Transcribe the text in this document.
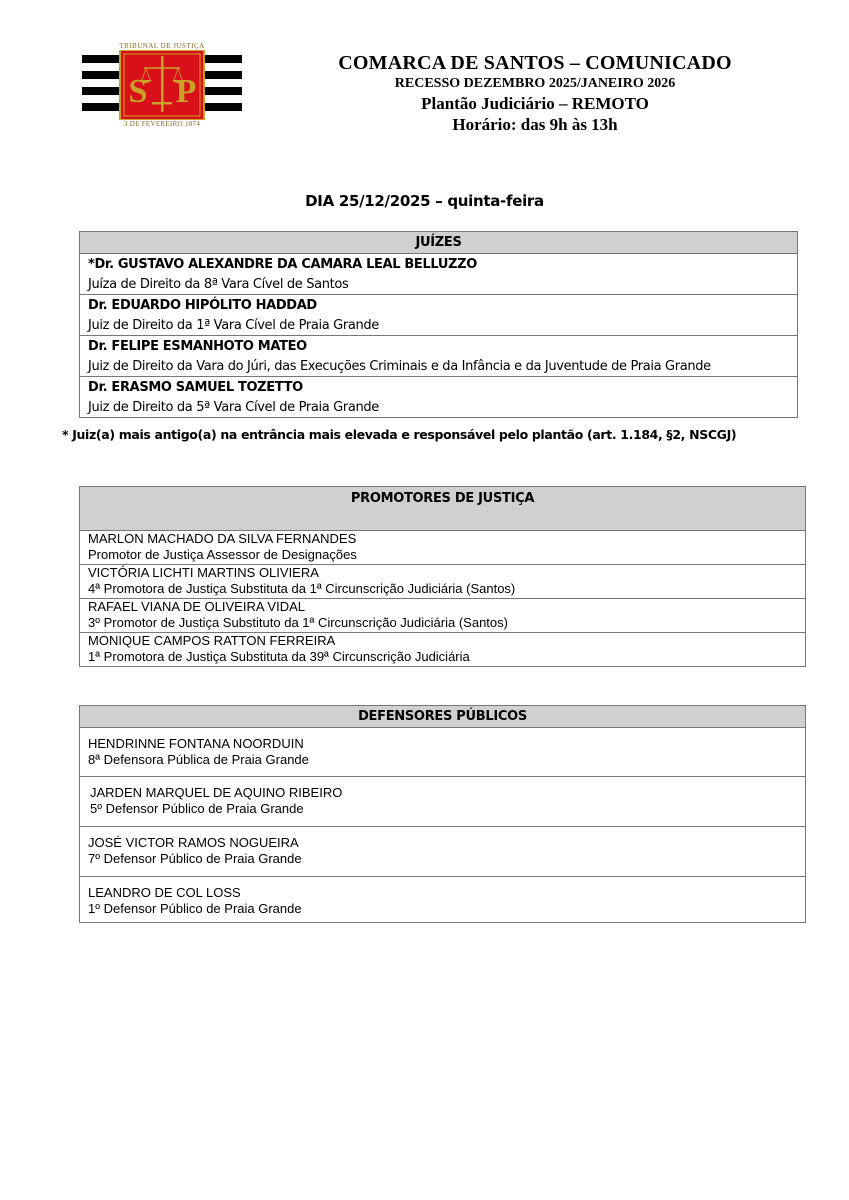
TRIBUNAL DE JUSTIÇA
S P
3 DE FEVEREIRO 1874
COMARCA DE SANTOS – COMUNICADO
RECESSO DEZEMBRO 2025/JANEIRO 2026
Plantão Judiciário – REMOTO
Horário: das 9h às 13h
DIA 25/12/2025 – quinta-feira
JUÍZES
*Dr. GUSTAVO ALEXANDRE DA CAMARA LEAL BELLUZZO
Juíza de Direito da 8ª Vara Cível de Santos
Dr. EDUARDO HIPÓLITO HADDAD
Juiz de Direito da 1ª Vara Cível de Praia Grande
Dr. FELIPE ESMANHOTO MATEO
Juiz de Direito da Vara do Júri, das Execuções Criminais e da Infância e da Juventude de Praia Grande
Dr. ERASMO SAMUEL TOZETTO
Juiz de Direito da 5ª Vara Cível de Praia Grande
* Juiz(a) mais antigo(a) na entrância mais elevada e responsável pelo plantão (art. 1.184, §2, NSCGJ)
PROMOTORES DE JUSTIÇA
MARLON MACHADO DA SILVA FERNANDES
Promotor de Justiça Assessor de Designações
VICTÓRIA LICHTI MARTINS OLIVIERA
4ª Promotora de Justiça Substituta da 1ª Circunscrição Judiciária (Santos)
RAFAEL VIANA DE OLIVEIRA VIDAL
3º Promotor de Justiça Substituto da 1ª Circunscrição Judiciária (Santos)
MONIQUE CAMPOS RATTON FERREIRA
1ª Promotora de Justiça Substituta da 39ª Circunscrição Judiciária
DEFENSORES PÚBLICOS
HENDRINNE FONTANA NOORDUIN
8ª Defensora Pública de Praia Grande
JARDEN MARQUEL DE AQUINO RIBEIRO
5º Defensor Público de Praia Grande
JOSÉ VICTOR RAMOS NOGUEIRA
7º Defensor Público de Praia Grande
LEANDRO DE COL LOSS
1º Defensor Público de Praia Grande
